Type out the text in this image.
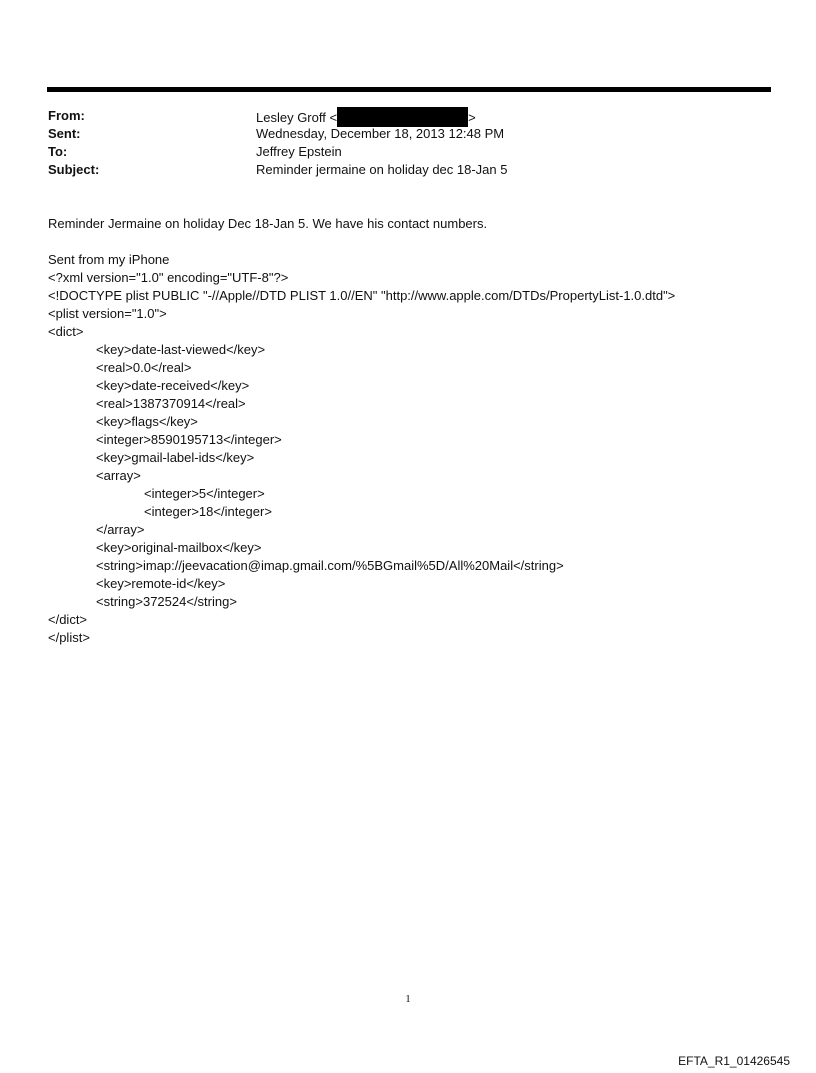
From:	Lesley Groff <	>
Sent:	Wednesday, December 18, 2013 12:48 PM
To:	Jeffrey Epstein
Subject:	Reminder jermaine on holiday dec 18-Jan 5
Reminder Jermaine on holiday Dec 18-Jan 5. We have his contact numbers.
Sent from my iPhone
<?xml version="1.0" encoding="UTF-8"?>
<!DOCTYPE plist PUBLIC "-//Apple//DTD PLIST 1.0//EN" "http://www.apple.com/DTDs/PropertyList-1.0.dtd">
<plist version="1.0">
<dict>
<key>date-last-viewed</key>
<real>0.0</real>
<key>date-received</key>
<real>1387370914</real>
<key>flags</key>
<integer>8590195713</integer>
<key>gmail-label-ids</key>
<array>
<integer>5</integer>
<integer>18</integer>
</array>
<key>original-mailbox</key>
<string>imap://jeevacation@imap.gmail.com/%5BGmail%5D/All%20Mail</string>
<key>remote-id</key>
<string>372524</string>
</dict>
</plist>
1
EFTA_R1_01426545
